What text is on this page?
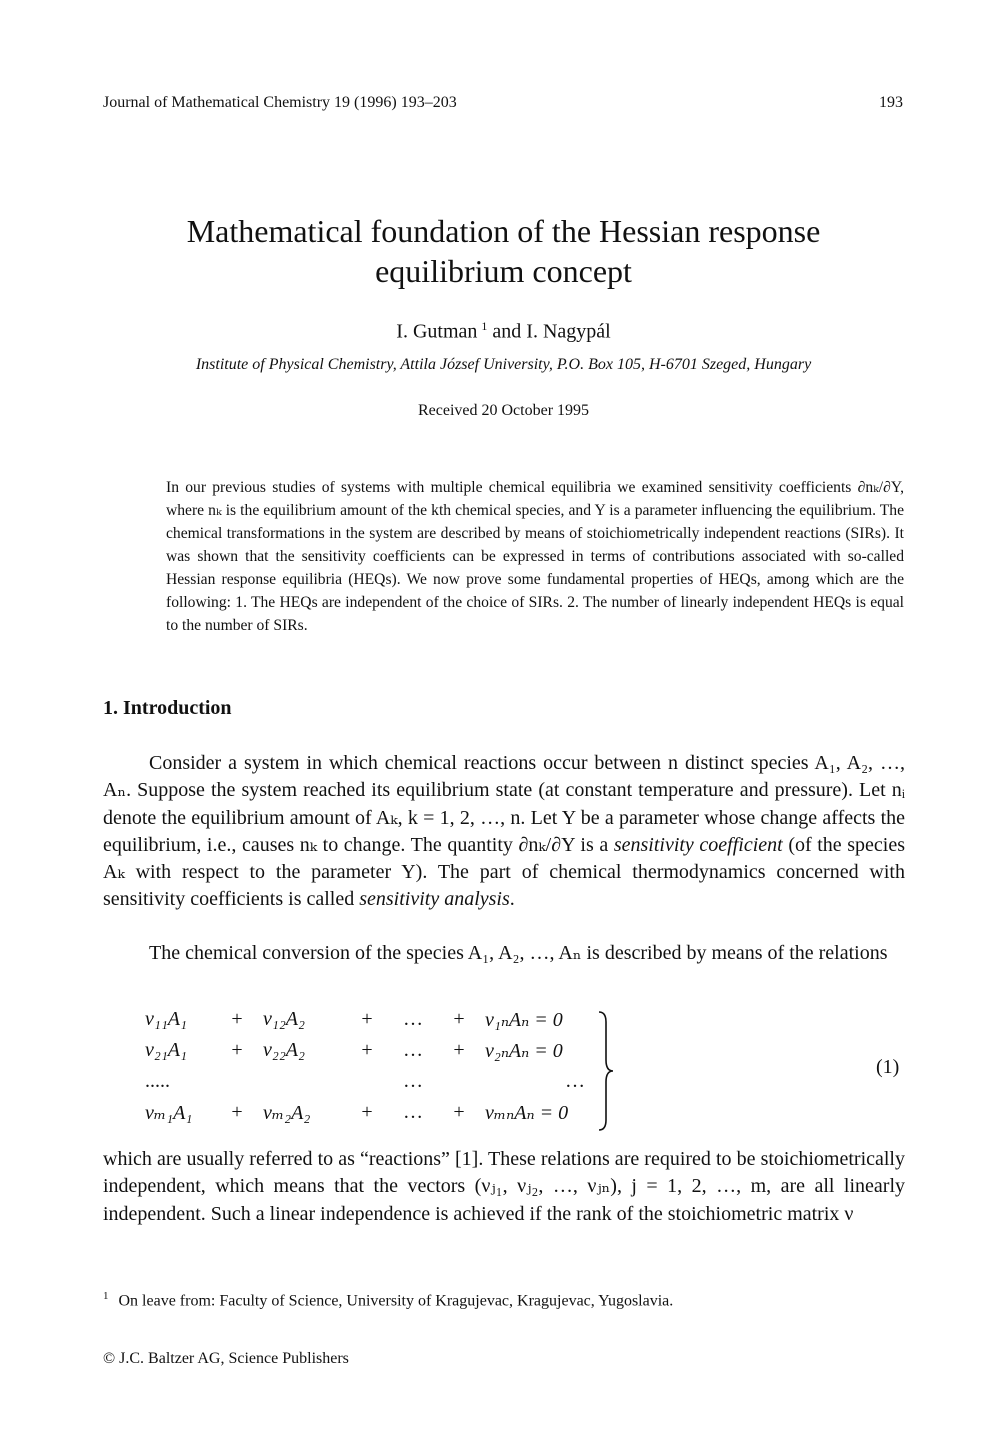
Journal of Mathematical Chemistry 19 (1996) 193–203	193
Mathematical foundation of the Hessian response
equilibrium concept
I. Gutman $^1$ and I. Nagypál
Institute of Physical Chemistry, Attila József University, P.O. Box 105, H-6701 Szeged, Hungary
Received 20 October 1995
In our previous studies of systems with multiple chemical equilibria we examined sensitivity coefficients ∂nₖ/∂Y, where nₖ is the equilibrium amount of the kth chemical species, and Y is a parameter influencing the equilibrium. The chemical transformations in the system are described by means of stoichiometrically independent reactions (SIRs). It was shown that the sensitivity coefficients can be expressed in terms of contributions associated with so-called Hessian response equilibria (HEQs). We now prove some fundamental properties of HEQs, among which are the following: 1. The HEQs are independent of the choice of SIRs. 2. The number of linearly independent HEQs is equal to the number of SIRs.
1. Introduction
Consider a system in which chemical reactions occur between n distinct species A₁, A₂, …, Aₙ. Suppose the system reached its equilibrium state (at constant temperature and pressure). Let nᵢ denote the equilibrium amount of Aₖ, k = 1, 2, …, n. Let Y be a parameter whose change affects the equilibrium, i.e., causes nₖ to change. The quantity ∂nₖ/∂Y is a sensitivity coefficient (of the species Aₖ with respect to the parameter Y). The part of chemical thermodynamics concerned with sensitivity coefficients is called sensitivity analysis.
The chemical conversion of the species A₁, A₂, …, Aₙ is described by means of the relations
ν₁₁A₁	+	ν₁₂A₂	+	…	+	ν₁ₙAₙ = 0
ν₂₁A₁	+	ν₂₂A₂	+	…	+	ν₂ₙAₙ = 0
.....				…		…
νₘ₁A₁	+	νₘ₂A₂	+	…	+	νₘₙAₙ = 0
(1)
which are usually referred to as “reactions” [1]. These relations are required to be stoichiometrically independent, which means that the vectors (νⱼ₁, νⱼ₂, …, νⱼₙ), j = 1, 2, …, m, are all linearly independent. Such a linear independence is achieved if the rank of the stoichiometric matrix ν
$^1$ On leave from: Faculty of Science, University of Kragujevac, Kragujevac, Yugoslavia.
© J.C. Baltzer AG, Science Publishers
